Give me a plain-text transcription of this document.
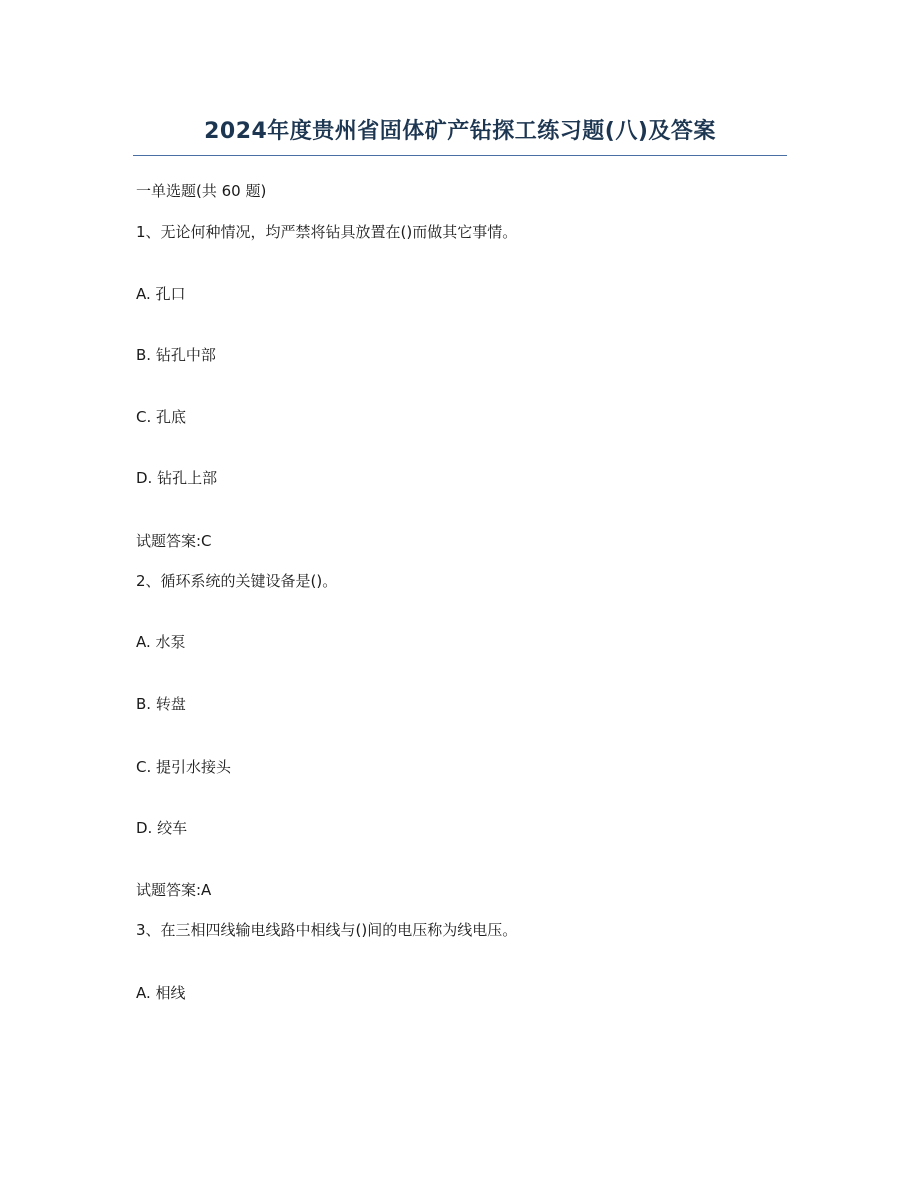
2024年度贵州省固体矿产钻探工练习题(八)及答案
一单选题(共 60 题)
1、无论何种情况，均严禁将钻具放置在()而做其它事情。
A. 孔口
B. 钻孔中部
C. 孔底
D. 钻孔上部
试题答案:C
2、循环系统的关键设备是()。
A. 水泵
B. 转盘
C. 提引水接头
D. 绞车
试题答案:A
3、在三相四线输电线路中相线与()间的电压称为线电压。
A. 相线
